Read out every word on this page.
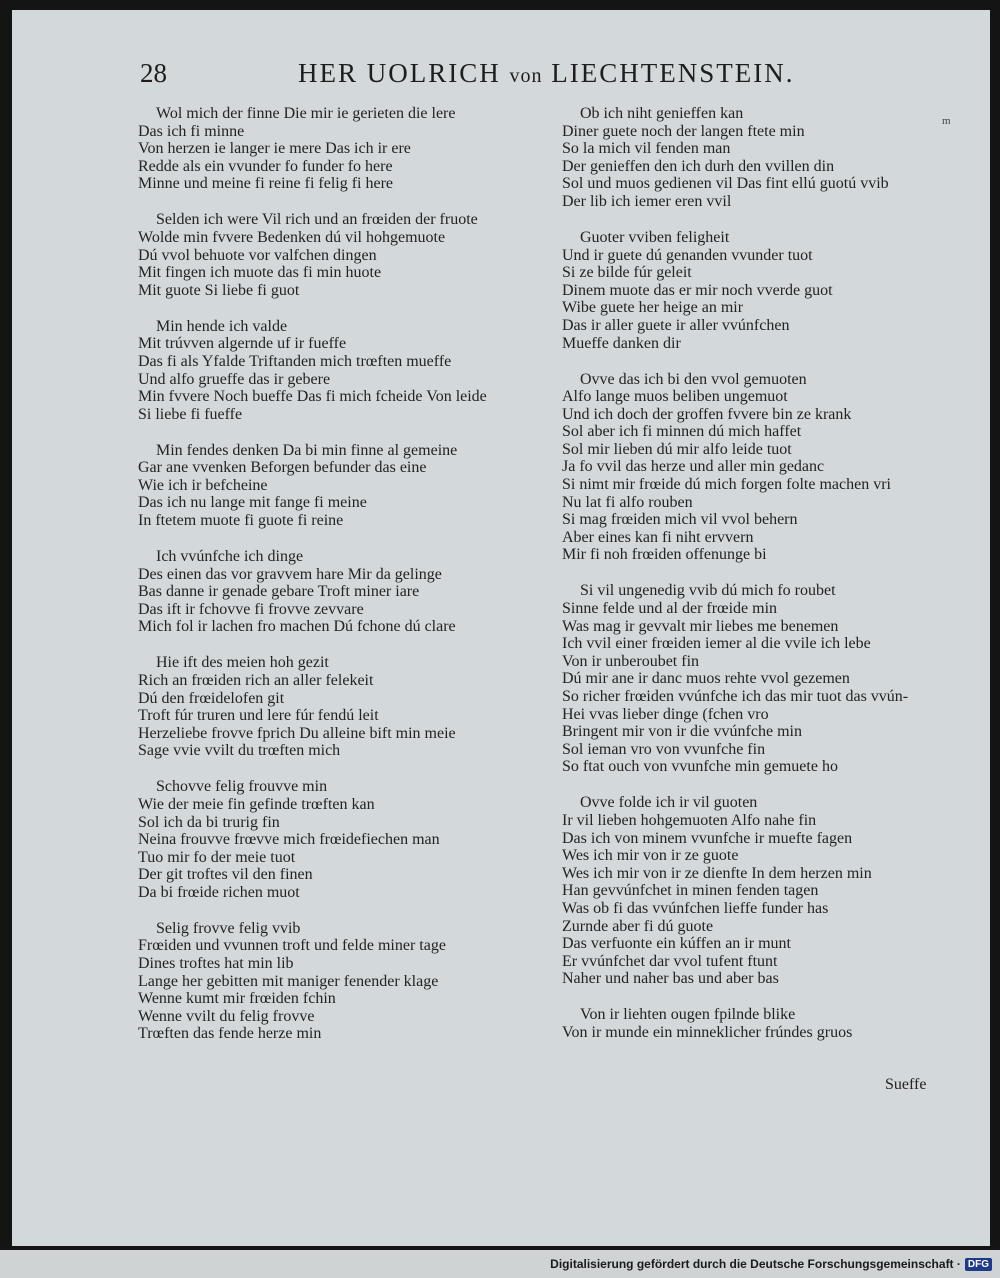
28	HER UOLRICH von LIECHTENSTEIN.
m
Wol mich der finne Die mir ie gerieten die lere
Das ich fi minne
Von herzen ie langer ie mere Das ich ir ere
Redde als ein vvunder fo funder fo here
Minne und meine fi reine fi felig fi here
Selden ich were Vil rich und an frœiden der fruote
Wolde min fvvere Bedenken dú vil hohgemuote
Dú vvol behuote vor valfchen dingen
Mit fingen ich muote das fi min huote
Mit guote Si liebe fi guot
Min hende ich valde
Mit trúvven algernde uf ir fueffe
Das fi als Yfalde Triftanden mich trœften mueffe
Und alfo grueffe das ir gebere
Min fvvere Noch bueffe Das fi mich fcheide Von leide
Si liebe fi fueffe
Min fendes denken Da bi min finne al gemeine
Gar ane vvenken Beforgen befunder das eine
Wie ich ir befcheine
Das ich nu lange mit fange fi meine
In ftetem muote fi guote fi reine
Ich vvúnfche ich dinge
Des einen das vor gravvem hare Mir da gelinge
Bas danne ir genade gebare Troft miner iare
Das ift ir fchovve fi frovve zevvare
Mich fol ir lachen fro machen Dú fchone dú clare
Hie ift des meien hoh gezit
Rich an frœiden rich an aller felekeit
Dú den frœidelofen git
Troft fúr truren und lere fúr fendú leit
Herzeliebe frovve fprich Du alleine bift min meie
Sage vvie vvilt du trœften mich
Schovve felig frouvve min
Wie der meie fin gefinde trœften kan
Sol ich da bi trurig fin
Neina frouvve frœvve mich frœidefiechen man
Tuo mir fo der meie tuot
Der git troftes vil den finen
Da bi frœide richen muot
Selig frovve felig vvib
Frœiden und vvunnen troft und felde miner tage
Dines troftes hat min lib
Lange her gebitten mit maniger fenender klage
Wenne kumt mir frœiden fchin
Wenne vvilt du felig frovve
Trœften das fende herze min
Ob ich niht genieffen kan
Diner guete noch der langen ftete min
So la mich vil fenden man
Der genieffen den ich durh den vvillen din
Sol und muos gedienen vil Das fint ellú guotú vvib
Der lib ich iemer eren vvil
Guoter vviben feligheit
Und ir guete dú genanden vvunder tuot
Si ze bilde fúr geleit
Dinem muote das er mir noch vverde guot
Wibe guete her heige an mir
Das ir aller guete ir aller vvúnfchen
Mueffe danken dir
Ovve das ich bi den vvol gemuoten
Alfo lange muos beliben ungemuot
Und ich doch der groffen fvvere bin ze krank
Sol aber ich fi minnen dú mich haffet
Sol mir lieben dú mir alfo leide tuot
Ja fo vvil das herze und aller min gedanc
Si nimt mir frœide dú mich forgen folte machen vri
Nu lat fi alfo rouben
Si mag frœiden mich vil vvol behern
Aber eines kan fi niht ervvern
Mir fi noh frœiden offenunge bi
Si vil ungenedig vvib dú mich fo roubet
Sinne felde und al der frœide min
Was mag ir gevvalt mir liebes me benemen
Ich vvil einer frœiden iemer al die vvile ich lebe
Von ir unberoubet fin
Dú mir ane ir danc muos rehte vvol gezemen
So richer frœiden vvúnfche ich das mir tuot das vvún-
Hei vvas lieber dinge (fchen vro
Bringent mir von ir die vvúnfche min
Sol ieman vro von vvunfche fin
So ftat ouch von vvunfche min gemuete ho
Ovve folde ich ir vil guoten
Ir vil lieben hohgemuoten Alfo nahe fin
Das ich von minem vvunfche ir muefte fagen
Wes ich mir von ir ze guote
Wes ich mir von ir ze dienfte In dem herzen min
Han gevvúnfchet in minen fenden tagen
Was ob fi das vvúnfchen lieffe funder has
Zurnde aber fi dú guote
Das verfuonte ein kúffen an ir munt
Er vvúnfchet dar vvol tufent ftunt
Naher und naher bas und aber bas
Von ir liehten ougen fpilnde blike
Von ir munde ein minneklicher frúndes gruos
Sueffe
Digitalisierung gefördert durch die Deutsche Forschungsgemeinschaft · DFG
